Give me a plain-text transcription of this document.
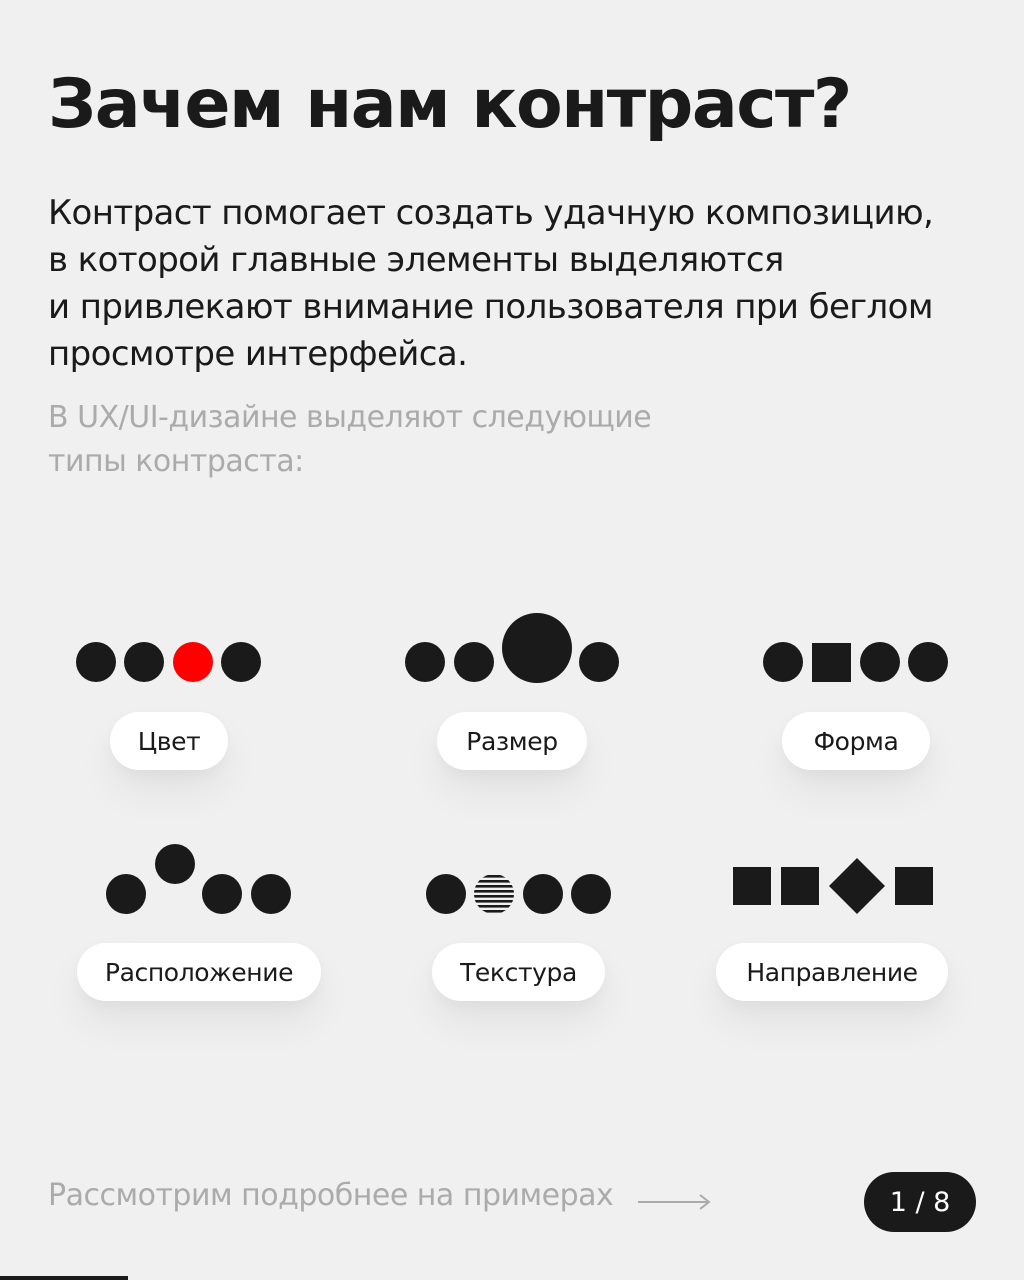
Зачем нам контраст?

Контраст помогает создать удачную композицию,
в которой главные элементы выделяются
и привлекают внимание пользователя при беглом
просмотре интерфейса.

В UX/UI-дизайне выделяют следующие
типы контраста:

Цвет	Размер	Форма
Расположение	Текстура	Направление
Рассмотрим подробнее на примерах	1 / 8
